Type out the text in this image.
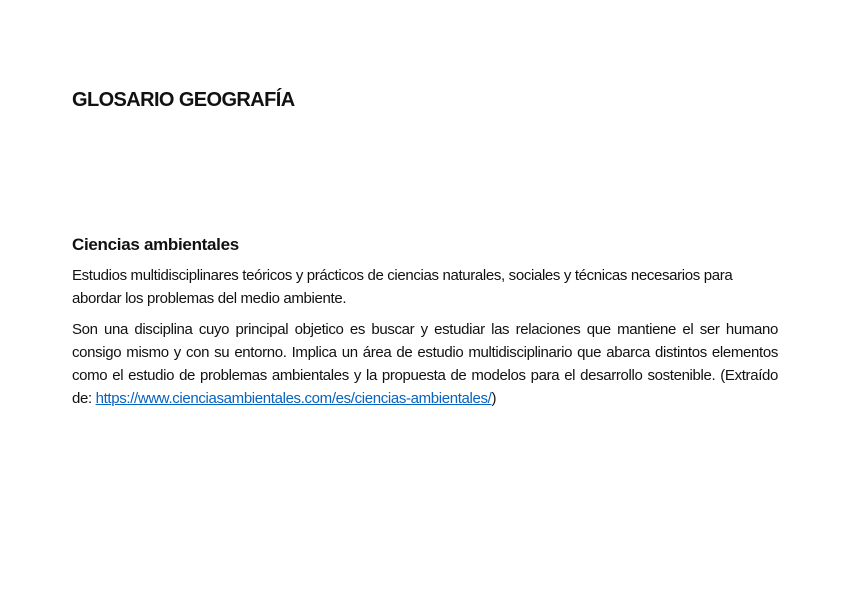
GLOSARIO GEOGRAFÍA
Ciencias ambientales

Estudios multidisciplinares teóricos y prácticos de ciencias naturales, sociales y técnicas necesarios para abordar los problemas del medio ambiente.

Son una disciplina cuyo principal objetico es buscar y estudiar las relaciones que mantiene el ser humano consigo mismo y con su entorno. Implica un área de estudio multidisciplinario que abarca distintos elementos como el estudio de problemas ambientales y la propuesta de modelos para el desarrollo sostenible. (Extraído de: https://www.cienciasambientales.com/es/ciencias-ambientales/)
